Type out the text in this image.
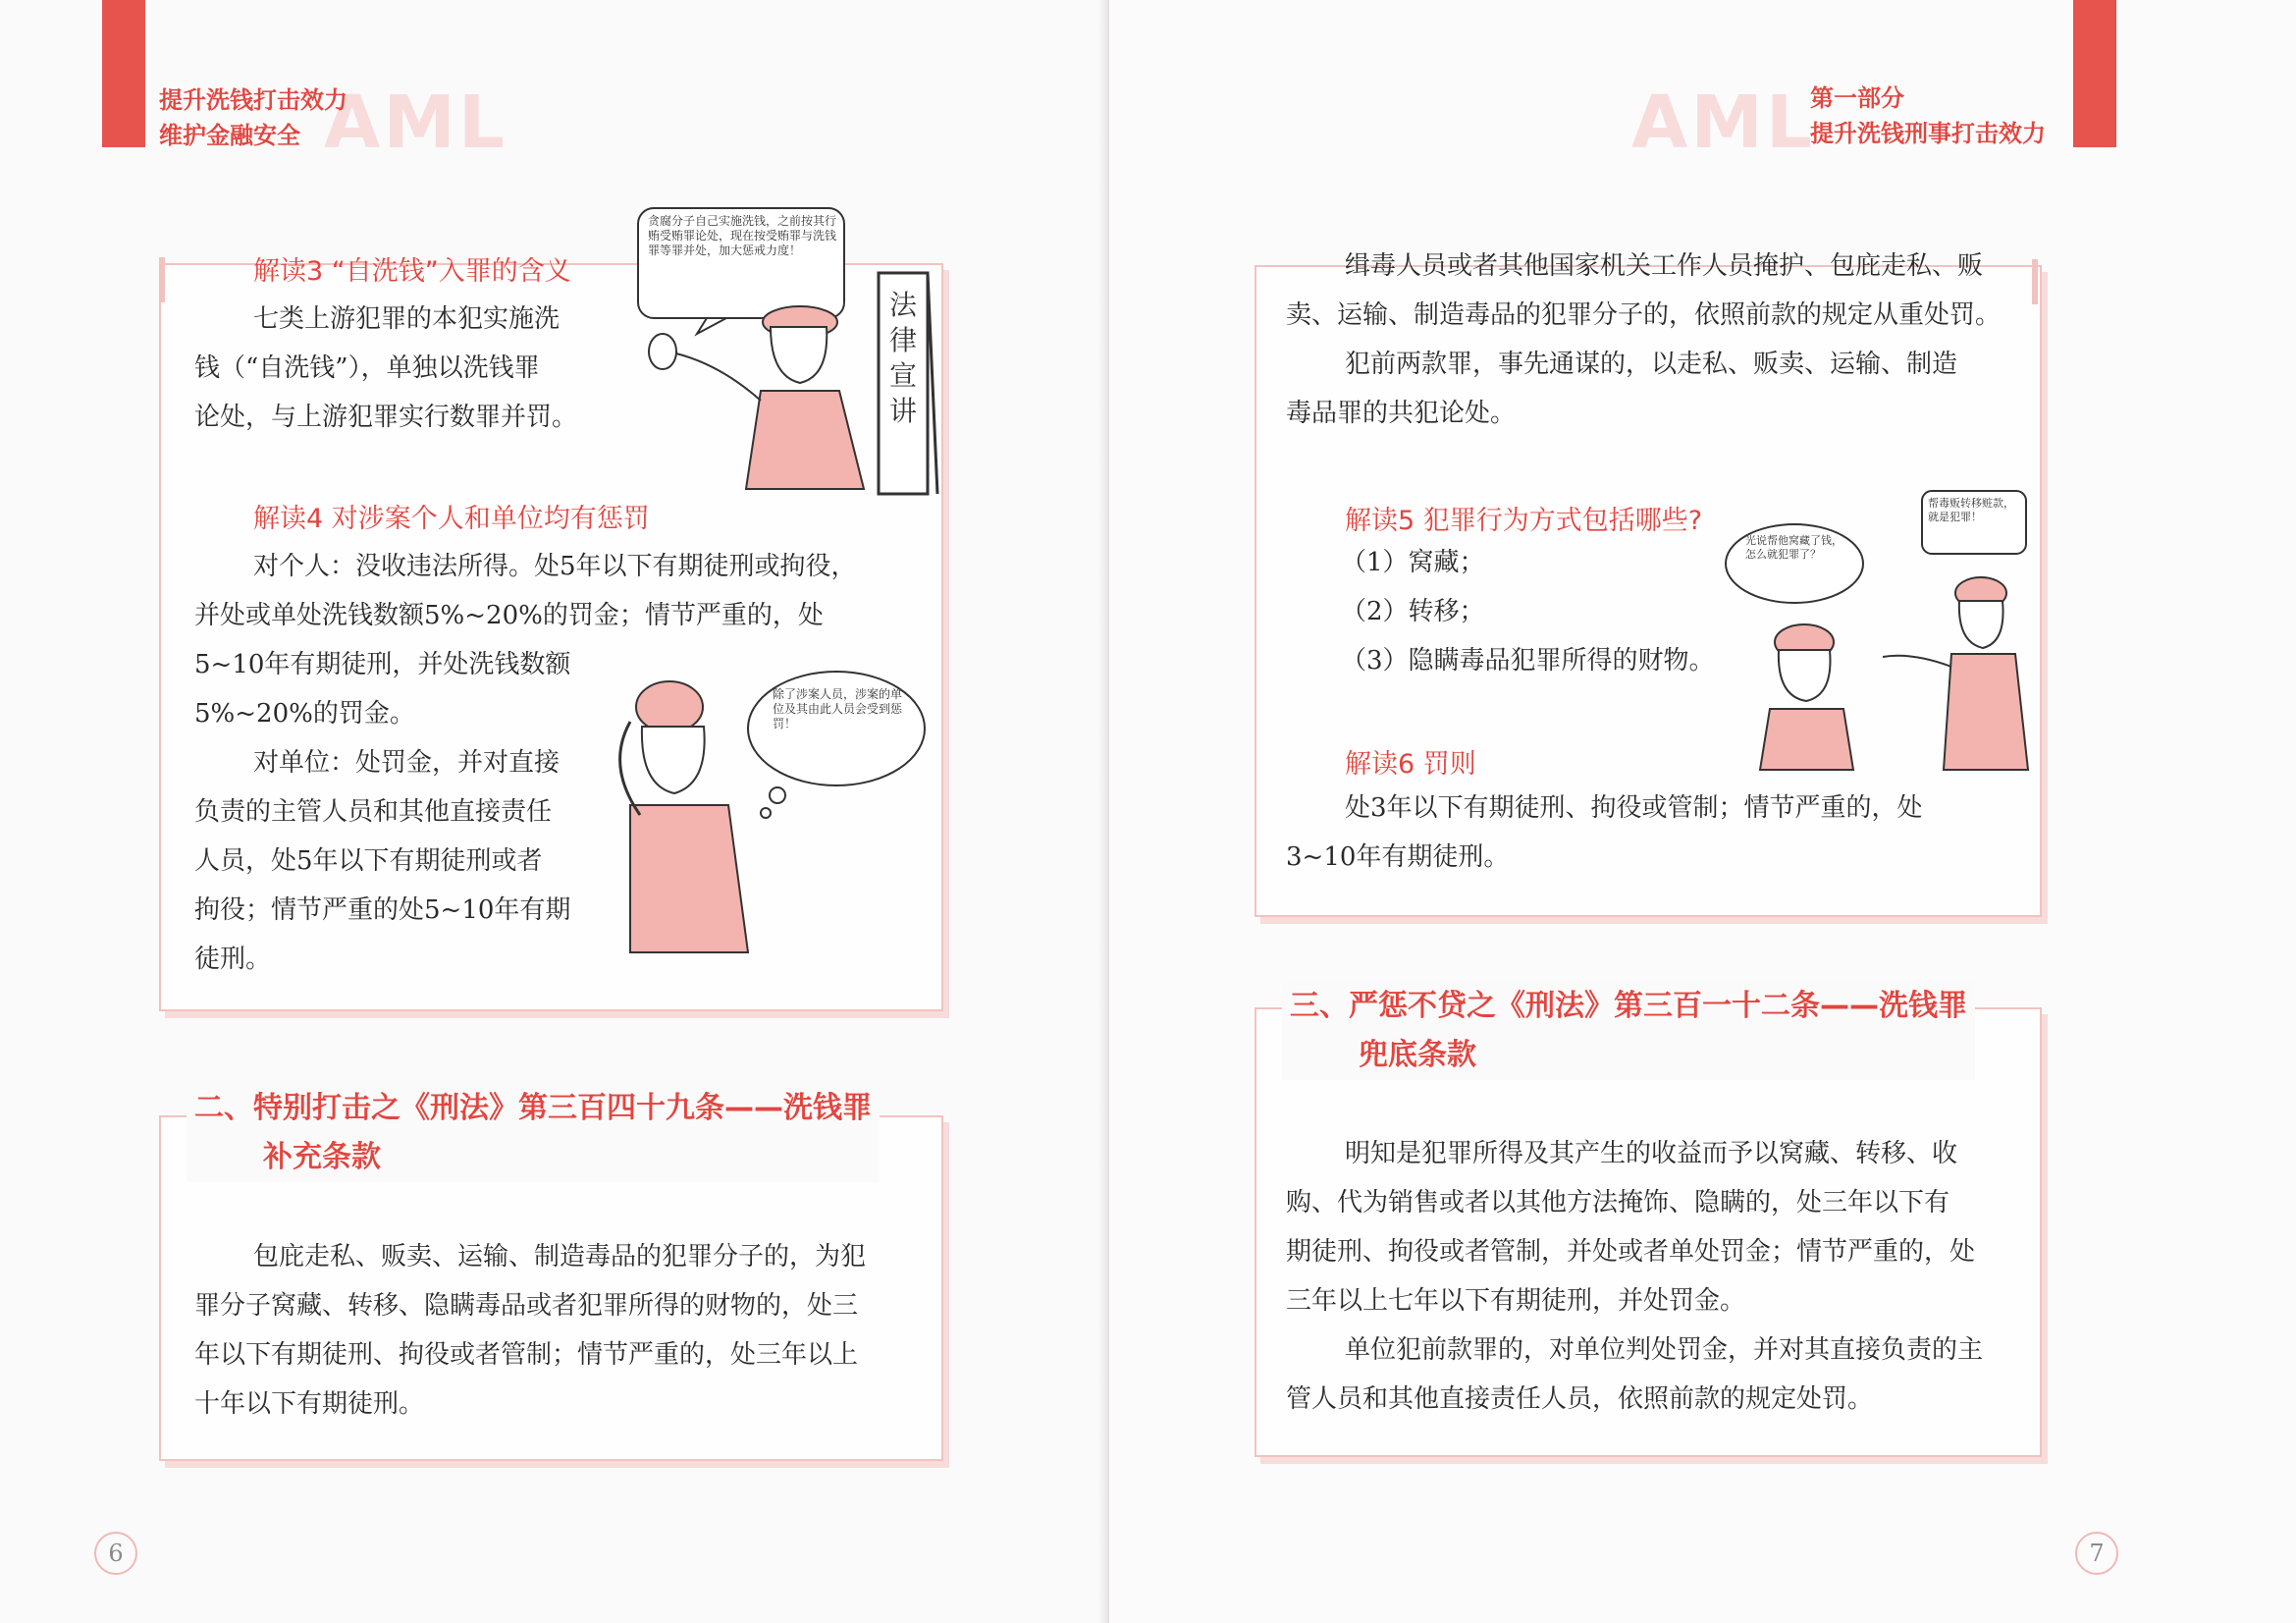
AML
提升洗钱打击效力
维护金融安全
解读3 “自洗钱”入罪的含义
七类上游犯罪的本犯实施洗
钱（“自洗钱”），单独以洗钱罪
论处，与上游犯罪实行数罪并罚。
贪腐分子自己实施洗钱，之前按其行贿受贿罪论处，现在按受贿罪与洗钱罪等罪并处，加大惩戒力度！
法
律
宣
讲
解读4 对涉案个人和单位均有惩罚
对个人：没收违法所得。处5年以下有期徒刑或拘役，
并处或单处洗钱数额5%~20%的罚金；情节严重的，处
5~10年有期徒刑，并处洗钱数额
5%~20%的罚金。
对单位：处罚金，并对直接
负责的主管人员和其他直接责任
人员，处5年以下有期徒刑或者
拘役；情节严重的处5~10年有期
徒刑。
除了涉案人员，涉案的单位及其由此人员会受到惩罚！
二、特别打击之《刑法》第三百四十九条——洗钱罪
补充条款
包庇走私、贩卖、运输、制造毒品的犯罪分子的，为犯
罪分子窝藏、转移、隐瞒毒品或者犯罪所得的财物的，处三
年以下有期徒刑、拘役或者管制；情节严重的，处三年以上
十年以下有期徒刑。
6
AML
第一部分
提升洗钱刑事打击效力
缉毒人员或者其他国家机关工作人员掩护、包庇走私、贩
卖、运输、制造毒品的犯罪分子的，依照前款的规定从重处罚。
犯前两款罪，事先通谋的，以走私、贩卖、运输、制造
毒品罪的共犯论处。
解读5 犯罪行为方式包括哪些?
（1）窝藏；
（2）转移；
（3）隐瞒毒品犯罪所得的财物。
光说帮他窝藏了钱，怎么就犯罪了？
帮毒贩转移赃款，就是犯罪！
解读6 罚则
处3年以下有期徒刑、拘役或管制；情节严重的，处
3~10年有期徒刑。
三、严惩不贷之《刑法》第三百一十二条——洗钱罪
兜底条款
明知是犯罪所得及其产生的收益而予以窝藏、转移、收
购、代为销售或者以其他方法掩饰、隐瞒的，处三年以下有
期徒刑、拘役或者管制，并处或者单处罚金；情节严重的，处
三年以上七年以下有期徒刑，并处罚金。
单位犯前款罪的，对单位判处罚金，并对其直接负责的主
管人员和其他直接责任人员，依照前款的规定处罚。
7
